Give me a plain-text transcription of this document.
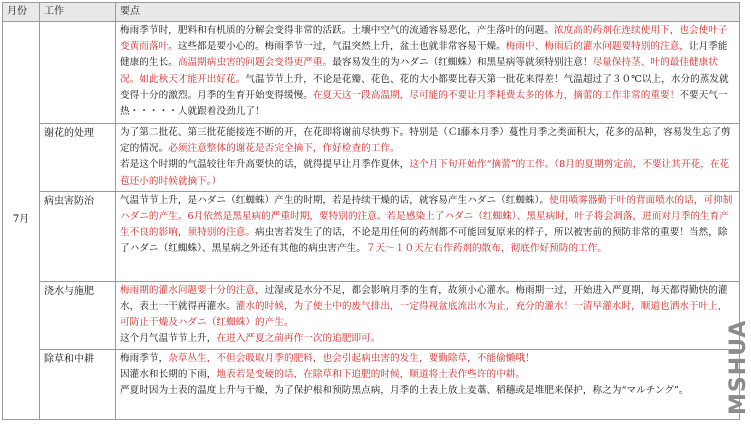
月份	工作	要点
7月		梅雨季节时，肥料和有机质的分解会变得非常的活跃。土壤中空气的流通容易恶化，产生落叶的问题。浓度高的药剂在连续使用下，也会使叶子变黄而落叶。这些都是要小心的。梅雨季节一过，气温突然上升，盆土也就非常容易干燥。梅雨中、梅雨后的灌水问题要特别的注意，让月季能健康的生长。高温期病虫害的问题会变得更严重。最容易发生的为ハダニ（红蜘蛛）和黑星病等就须特别注意！尽量保持茎、叶的最佳健康状况。如此秋天才能开出好花。气温节节上升，不论是花瓣、花色、花的大小都要比春天第一批花来得差！气温超过了３０℃以上，水分的蒸发就变得十分的激烈。月季的生育开始变得缓慢。在夏天这一段高温期，尽可能的不要让月季耗费太多的体力，摘蕾的工作非常的重要！不要天气一热・・・・・人就跟着没劲儿了！
	谢花的处理	为了第二批花、第三批花能接连不断的开，在花即将谢前尽快剪下。特别是（Ｃl藤本月季）蔓性月季之类面积大，花多的品种，容易发生忘了剪定的情况。必须注意整体的谢花是否完全摘下，作好检查的工作。
若是这个时期的气温较往年升高要快的话，就得提早让月季作夏休，这个月下旬开始作“摘蕾”的工作。（8月的夏期剪定前，不要让其开花，在花苞还小的时候就摘下。）
	病虫害防治	气温节节上升，是ハダニ（红蜘蛛）产生的时期，若是持续干燥的话，就容易产生ハダニ（红蜘蛛）。使用喷雾器勤于叶的背面喷水的话，可抑制ハダニ的产生。6月依然是黑星病的严重时期，要特别的注意。若是感染上了ハダニ（红蜘蛛）、黑星病时，叶子将会凋落，进而对月季的生育产生不良的影响，须特别的注意。病虫害若发生了的话，不论是用任何的药剂都不可能回复原来的样子，所以被害前的预防非常的重要！当然，除了ハダニ（红蜘蛛）、黑星病之外还有其他的病虫害产生。７天～１０天左右作药剂的散布，彻底作好预防的工作。
	浇水与施肥	梅雨期的灌水问题要十分的注意，过湿或是水分不足，都会影响月季的生育，故须小心灌水。梅雨期一过，开始进入严夏期，每天都得勤快的灌水，表土一干就得再灌水。灌水的时候，为了使土中的废气排出，一定得视盆底流出水为止，充分的灌水！一清早灌水时，顺道也洒水于叶上，可防止干燥及ハダニ（红蜘蛛）的产生。
这个月气温节节上升，在进入严夏之前再作一次的追肥即可。
	除草和中耕	梅雨季节，杂草丛生，不但会吸取月季的肥料，也会引起病虫害的发生，要勤除草，不能偷懒哦！
因灌水和长期的下雨，地表若是变硬的话，在除草和下追肥的时候，顺道将土表作些许的中耕。
严夏时因为土表的温度上升与干燥，为了保护根和预防黑点病，月季的土表上放上麦藁、稻穗或是堆肥来保护，称之为“マルチング”。 MSHUA
